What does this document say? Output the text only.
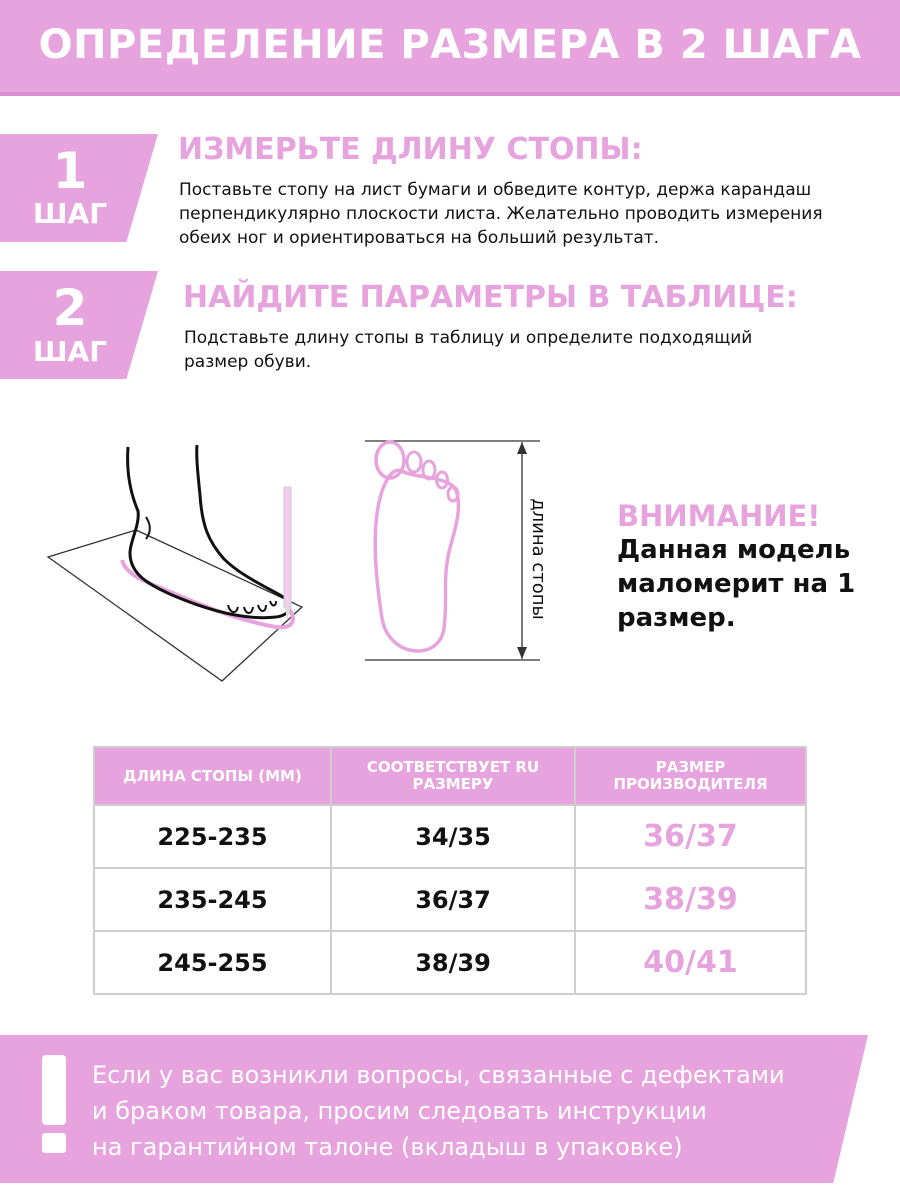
ОПРЕДЕЛЕНИЕ РАЗМЕРА В 2 ШАГА
1
ШАГ
ИЗМЕРЬТЕ ДЛИНУ СТОПЫ:
Поставьте стопу на лист бумаги и обведите контур, держа карандаш перпендикулярно плоскости листа. Желательно проводить измерения обеих ног и ориентироваться на больший результат.
2
ШАГ
НАЙДИТЕ ПАРАМЕТРЫ В ТАБЛИЦЕ:
Подставьте длину стопы в таблицу и определите подходящий размер обуви.
длина стопы ВНИМАНИЕ!
Данная модель маломерит на 1 размер.
ДЛИНА СТОПЫ (ММ)	СООТВЕТСТВУЕТ RU РАЗМЕРУ	РАЗМЕР ПРОИЗВОДИТЕЛЯ
225-235	34/35	36/37
235-245	36/37	38/39
245-255	38/39	40/41
Если у вас возникли вопросы, связанные с дефектами
и браком товара, просим следовать инструкции
на гарантийном талоне (вкладыш в упаковке)
